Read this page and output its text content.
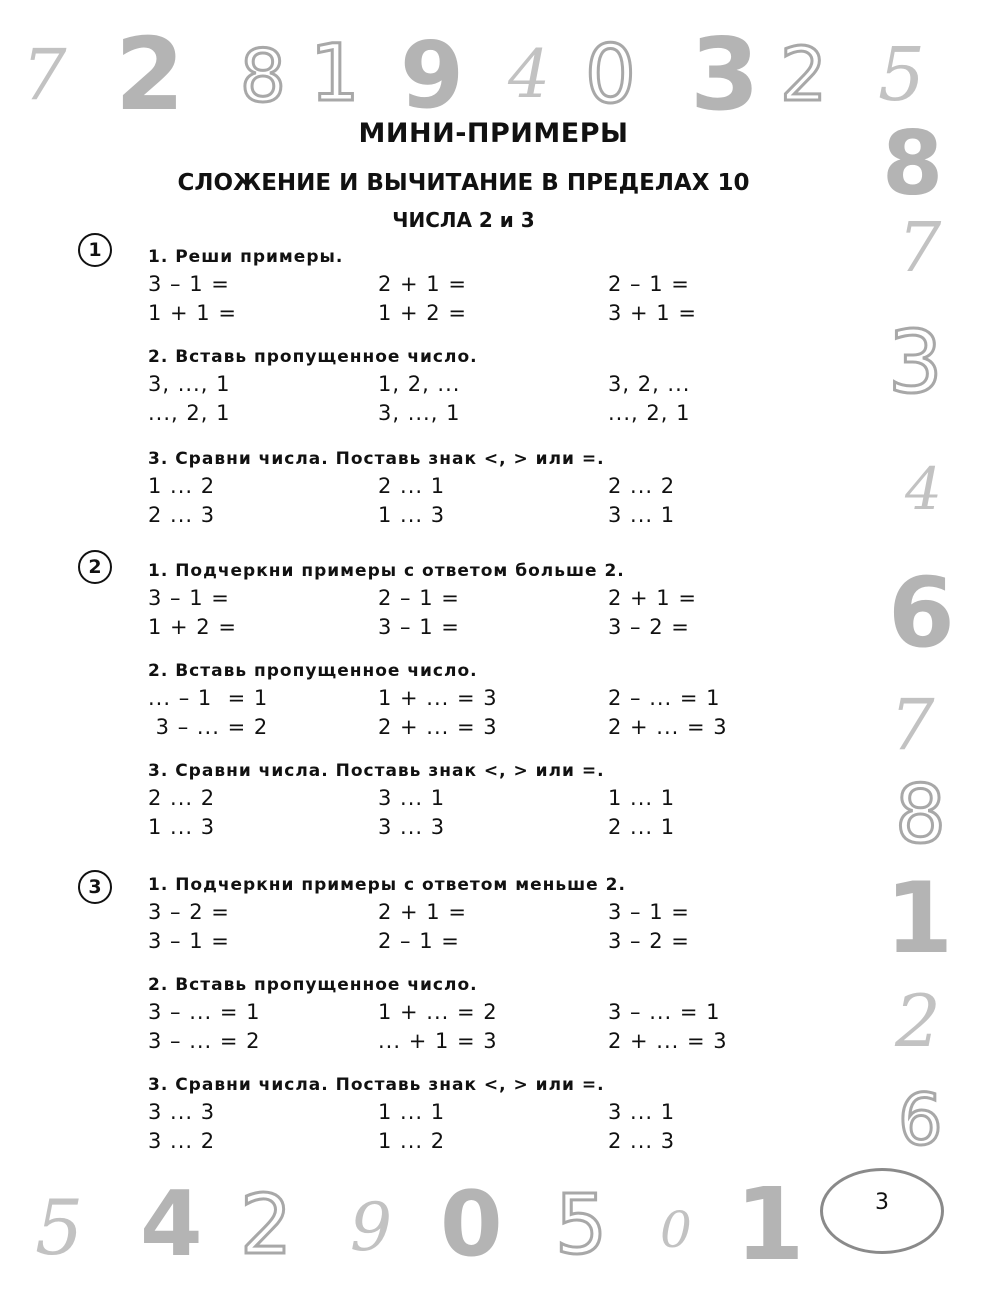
7 2 8 1 9 4 0 3 2 5
8
7
3
4
6
7
8
1
2
6
5 4 2 9 0 5 0 1
МИНИ-ПРИМЕРЫ
СЛОЖЕНИЕ И ВЫЧИТАНИЕ В ПРЕДЕЛАХ 10
ЧИСЛА 2 и 3
1	1. Реши примеры.
3 – 1 =	2 + 1 =	2 – 1 =
1 + 1 =	1 + 2 =	3 + 1 =
2. Вставь пропущенное число.
3, ..., 1	1, 2, ...	3, 2, ...
..., 2, 1	3, ..., 1	..., 2, 1
3. Сравни числа. Поставь знак <, > или =.
1 ... 2	2 ... 1	2 ... 2
2 ... 3	1 ... 3	3 ... 1
2	1. Подчеркни примеры с ответом больше 2.
3 – 1 =	2 – 1 =	2 + 1 =
1 + 2 =	3 – 1 =	3 – 2 =
2. Вставь пропущенное число.
... – 1  = 1	1 + ... = 3	2 – ... = 1
3 – ... = 2	2 + ... = 3	2 + ... = 3
3. Сравни числа. Поставь знак <, > или =.
2 ... 2	3 ... 1	1 ... 1
1 ... 3	3 ... 3	2 ... 1
3	1. Подчеркни примеры с ответом меньше 2.
3 – 2 =	2 + 1 =	3 – 1 =
3 – 1 =	2 – 1 =	3 – 2 =
2. Вставь пропущенное число.
3 – ... = 1	1 + ... = 2	3 – ... = 1
3 – ... = 2	... + 1 = 3	2 + ... = 3
3. Сравни числа. Поставь знак <, > или =.
3 ... 3	1 ... 1	3 ... 1
3 ... 2	1 ... 2	2 ... 3
3
